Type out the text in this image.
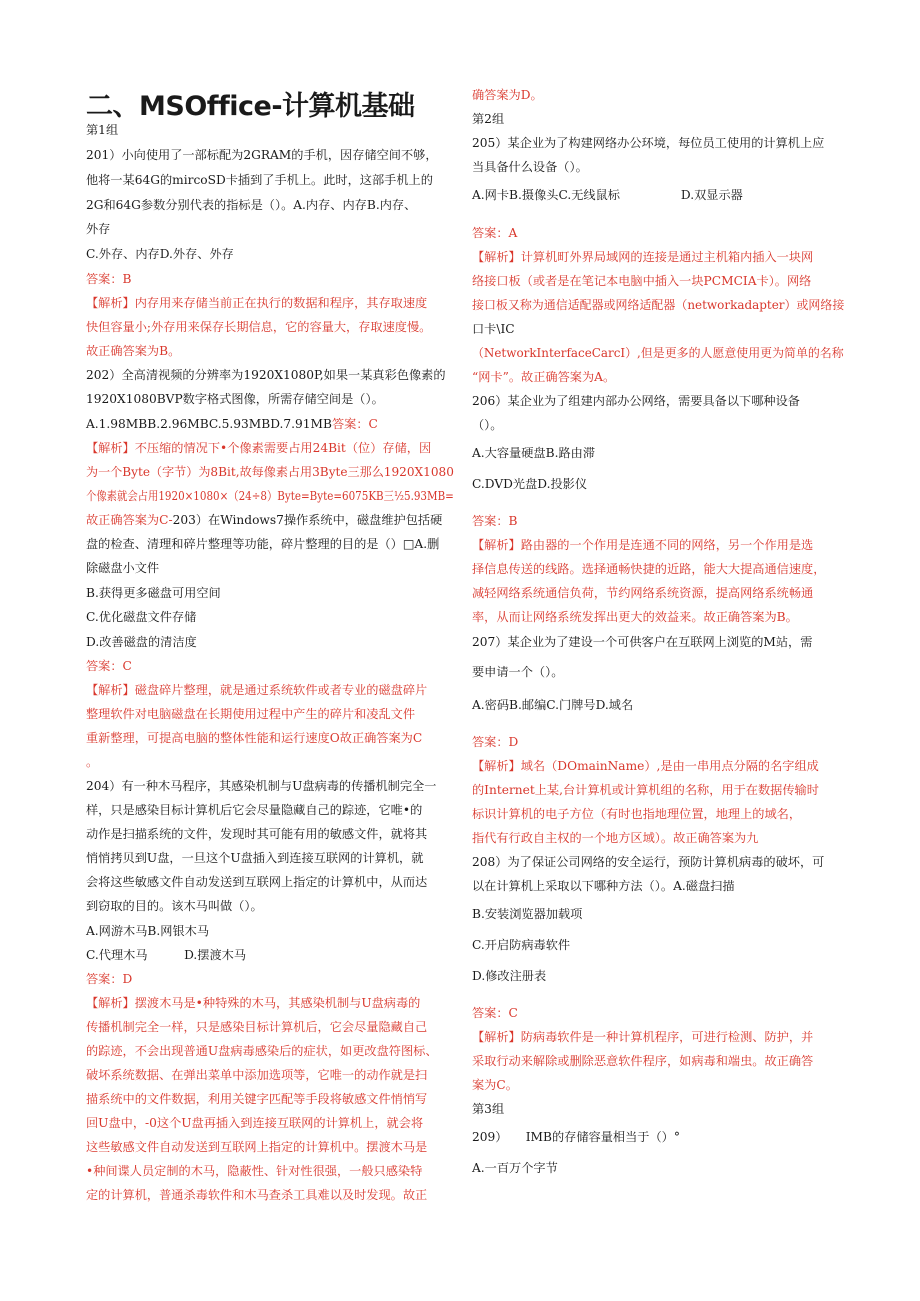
二、MSOffice-计算机基础
第1组
201）小向使用了一部标配为2GRAM的手机，因存储空间不够，
他将一某64G的mircoSD卡插到了手机上。此时，这部手机上的
2G和64G参数分别代表的指标是（）。A.内存、内存B.内存、
外存
C.外存、内存D.外存、外存
答案：B
【解析】内存用来存储当前正在执行的数据和程序，其存取速度
快但容量小;外存用来保存长期信息，它的容量大，存取速度慢。
故正确答案为B。
202）全高清视频的分辨率为1920X1080P,如果一某真彩色像素的
1920X1080BVP数字格式图像，所需存储空间是（）。
A.1.98MBB.2.96MBC.5.93MBD.7.91MB答案：C
【解析】不压缩的情况下•个像素需要占用24Bit（位）存储，因
为一个Byte（字节）为8Bit,故每像素占用3Byte三那么1920X1080
个像素就会占用1920×1080×（24÷8）Byte=Byte=6075KB三½5.93MB=
故正确答案为C-203）在Windows7操作系统中，磁盘维护包括硬
盘的检查、清理和碎片整理等功能，碎片整理的目的是（）□A.删
除磁盘小文件
B.获得更多磁盘可用空间
C.优化磁盘文件存储
D.改善磁盘的清洁度
答案：C
【解析】磁盘碎片整理，就是通过系统软件或者专业的磁盘碎片
整理软件对电脑磁盘在长期使用过程中产生的碎片和凌乱文件
重新整理，可提高电脑的整体性能和运行速度O故正确答案为C
。
204）有一种木马程序，其感染机制与U盘病毒的传播机制完全一
样，只是感染目标计算机后它会尽量隐藏自己的踪迹，它唯•的
动作是扫描系统的文件，发现时其可能有用的敏感文件，就将其
悄悄拷贝到U盘，一旦这个U盘插入到连接互联网的计算机，就
会将这些敏感文件自动发送到互联网上指定的计算机中，从而达
到窃取的目的。该木马叫做（）。
A.网游木马B.网银木马
C.代理木马　　　D.摆渡木马
答案：D
【解析】摆渡木马是•种特殊的木马，其感染机制与U盘病毒的
传播机制完全一样，只是感染目标计算机后，它会尽量隐藏自己
的踪迹，不会出现普通U盘病毒感染后的症状，如更改盘符图标、
破坏系统数据、在弹出菜单中添加选项等，它唯一的动作就是扫
描系统中的文件数据，利用关键字匹配等手段将敏感文件悄悄写
回U盘中，-0这个U盘再插入到连接互联网的计算机上，就会将
这些敏感文件自动发送到互联网上指定的计算机中。摆渡木马是
•种间谍人员定制的木马，隐蔽性、针对性很强，一般只感染特
定的计算机，普通杀毒软件和木马查杀工具难以及时发现。故正
确答案为D。
第2组
205）某企业为了构建网络办公环境，每位员工使用的计算机上应
当具备什么设备（）。
A.网卡B.摄像头C.无线鼠标　　　　　D.双显示器
答案：A
【解析】计算机町外界局域网的连接是通过主机箱内插入一块网
络接口板（或者是在笔记本电脑中插入一块PCMCIA卡）。网络
接口板又称为通信适配器或网络适配器（networkadapter）或网络接
口卡\IC
（NetworkInterfaceCarcI）,但是更多的人愿意使用更为简单的名称
“网卡”。故正确答案为A。
206）某企业为了组建内部办公网络，需要具备以下哪种设备
（）。
A.大容量硬盘B.路由滞
C.DVD光盘D.投影仪
答案：B
【解析】路由器的一个作用是连通不同的网络，另一个作用是选
择信息传送的线路。选择通畅快捷的近路，能大大提高通信速度，
减轻网络系统通信负荷，节约网络系统资源，提高网络系统畅通
率，从而让网络系统发挥出更大的效益来。故正确答案为B。
207）某企业为了建设一个可供客户在互联网上浏览的M站，需
要申请一个（）。
A.密码B.邮编C.门牌号D.域名
答案：D
【解析】域名（DOmainName）,是由一串用点分隔的名字组成
的Internet上某,台计算机或计算机组的名称，用于在数据传输时
标识计算机的电子方位（有时也指地理位置，地理上的域名，
指代有行政自主权的一个地方区域）。故正确答案为九
208）为了保证公司网络的安全运行，预防计算机病毒的破坏，可
以在计算机上采取以下哪种方法（）。A.磁盘扫描
B.安装浏览器加载项
C.开启防病毒软件
D.修改注册表
答案：C
【解析】防病毒软件是一种计算机程序，可进行检测、防护，并
采取行动来解除或删除恶意软件程序，如病毒和端虫。故正确答
案为C。
第3组
209）　　IMB的存储容量相当于（）°
A.一百万个字节
